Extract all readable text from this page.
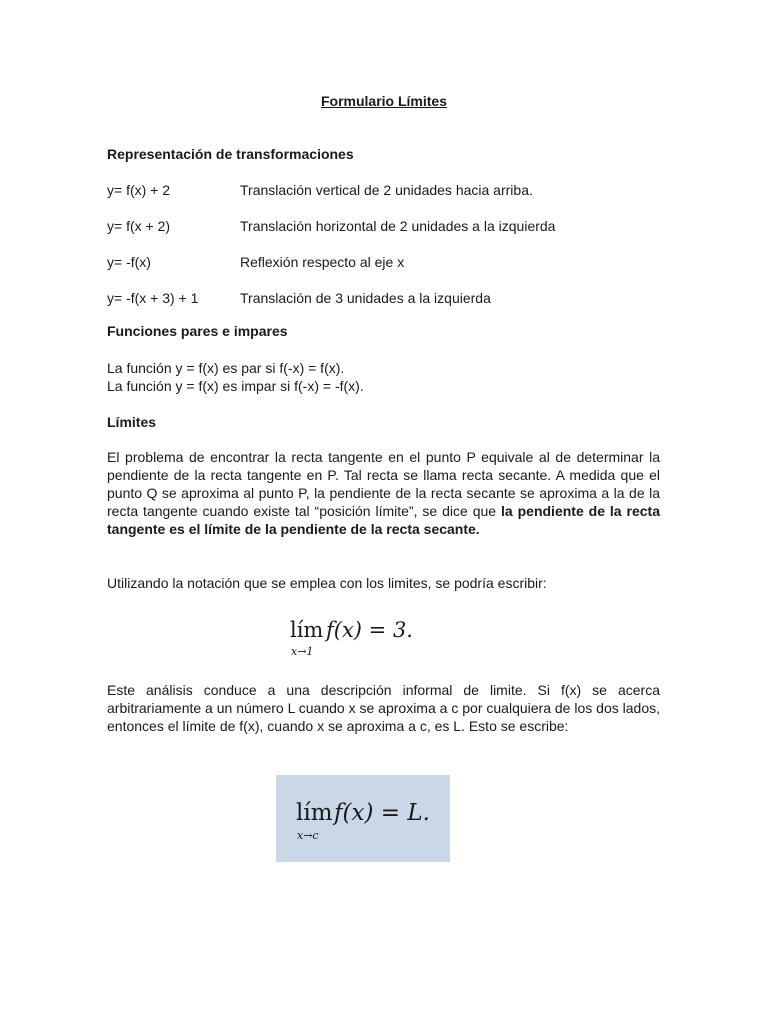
Formulario Límites
Representación de transformaciones
y= f(x) + 2	Translación vertical de 2 unidades hacia arriba.
y= f(x + 2)	Translación horizontal de 2 unidades a la izquierda
y= -f(x)	Reflexión respecto al eje x
y= -f(x + 3) + 1	Translación de 3 unidades a la izquierda
Funciones pares e impares
La función y = f(x) es par si f(-x) = f(x).
La función y = f(x) es impar si f(-x) = -f(x).
Límites
El problema de encontrar la recta tangente en el punto P equivale al de determinar la pendiente de la recta tangente en P. Tal recta se llama recta secante. A medida que el punto Q se aproxima al punto P, la pendiente de la recta secante se aproxima a la de la recta tangente cuando existe tal “posición límite”, se dice que la pendiente de la recta tangente es el límite de la pendiente de la recta secante.
Utilizando la notación que se emplea con los limites, se podría escribir:
lím
x→1
f(x) = 3.
Este análisis conduce a una descripción informal de limite. Si f(x) se acerca arbitrariamente a un número L cuando x se aproxima a c por cualquiera de los dos lados, entonces el límite de f(x), cuando x se aproxima a c, es L. Esto se escribe:
lím
x→c
f(x) = L.
